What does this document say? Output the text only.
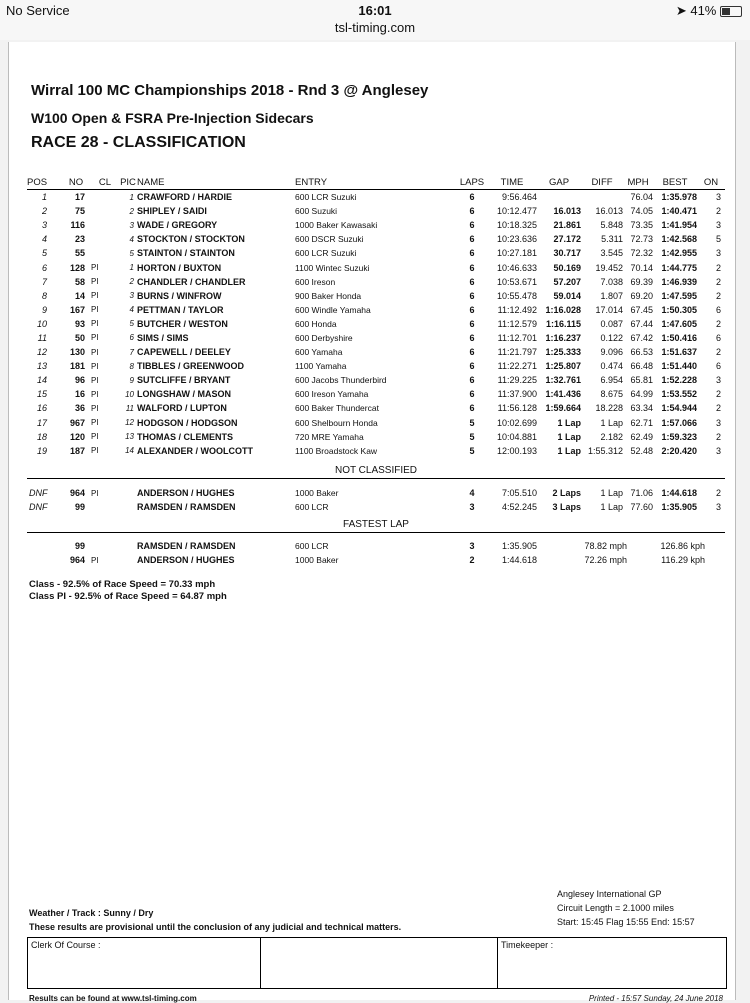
No Service	16:01	➤ 41%
tsl-timing.com
Wirral 100 MC Championships 2018 - Rnd 3 @ Anglesey
W100 Open & FSRA Pre-Injection Sidecars
RACE 28 - CLASSIFICATION
POS	NO	CL	PIC	NAME	ENTRY	LAPS	TIME	GAP	DIFF	MPH	BEST	ON
1	17		1	CRAWFORD / HARDIE	600 LCR Suzuki	6	9:56.464			76.04	1:35.978	3
2	75		2	SHIPLEY / SAIDI	600 Suzuki	6	10:12.477	16.013	16.013	74.05	1:40.471	2
3	116		3	WADE / GREGORY	1000 Baker Kawasaki	6	10:18.325	21.861	5.848	73.35	1:41.954	3
4	23		4	STOCKTON / STOCKTON	600 DSCR Suzuki	6	10:23.636	27.172	5.311	72.73	1:42.568	5
5	55		5	STAINTON / STAINTON	600 LCR Suzuki	6	10:27.181	30.717	3.545	72.32	1:42.955	3
6	128	PI	1	HORTON / BUXTON	1100 Wintec Suzuki	6	10:46.633	50.169	19.452	70.14	1:44.775	2
7	58	PI	2	CHANDLER / CHANDLER	600 Ireson	6	10:53.671	57.207	7.038	69.39	1:46.939	2
8	14	PI	3	BURNS / WINFROW	900 Baker Honda	6	10:55.478	59.014	1.807	69.20	1:47.595	2
9	167	PI	4	PETTMAN / TAYLOR	600 Windle Yamaha	6	11:12.492	1:16.028	17.014	67.45	1:50.305	6
10	93	PI	5	BUTCHER / WESTON	600 Honda	6	11:12.579	1:16.115	0.087	67.44	1:47.605	2
11	50	PI	6	SIMS / SIMS	600 Derbyshire	6	11:12.701	1:16.237	0.122	67.42	1:50.416	6
12	130	PI	7	CAPEWELL / DEELEY	600 Yamaha	6	11:21.797	1:25.333	9.096	66.53	1:51.637	2
13	181	PI	8	TIBBLES / GREENWOOD	1100 Yamaha	6	11:22.271	1:25.807	0.474	66.48	1:51.440	6
14	96	PI	9	SUTCLIFFE / BRYANT	600 Jacobs Thunderbird	6	11:29.225	1:32.761	6.954	65.81	1:52.228	3
15	16	PI	10	LONGSHAW / MASON	600 Ireson Yamaha	6	11:37.900	1:41.436	8.675	64.99	1:53.552	2
16	36	PI	11	WALFORD / LUPTON	600 Baker Thundercat	6	11:56.128	1:59.664	18.228	63.34	1:54.944	2
17	967	PI	12	HODGSON / HODGSON	600 Shelbourn Honda	5	10:02.699	1 Lap	1 Lap	62.71	1:57.066	3
18	120	PI	13	THOMAS / CLEMENTS	720 MRE Yamaha	5	10:04.881	1 Lap	2.182	62.49	1:59.323	2
19	187	PI	14	ALEXANDER / WOOLCOTT	1100 Broadstock Kaw	5	12:00.193	1 Lap	1:55.312	52.48	2:20.420	3
NOT CLASSIFIED
DNF	964	PI		ANDERSON / HUGHES	1000 Baker	4	7:05.510	2 Laps	1 Lap	71.06	1:44.618	2
DNF	99			RAMSDEN / RAMSDEN	600 LCR	3	4:52.245	3 Laps	1 Lap	77.60	1:35.905	3
FASTEST LAP
	99			RAMSDEN / RAMSDEN	600 LCR	3	1:35.905	78.82 mph	126.86 kph
	964	PI		ANDERSON / HUGHES	1000 Baker	2	1:44.618	72.26 mph	116.29 kph
Class - 92.5% of Race Speed = 70.33 mph
Class PI - 92.5% of Race Speed = 64.87 mph
Anglesey International GP
Circuit Length = 2.1000 miles
Start: 15:45 Flag 15:55 End: 15:57
Weather / Track : Sunny / Dry
These results are provisional until the conclusion of any judicial and technical matters.
Clerk Of Course :	Timekeeper :
Results can be found at www.tsl-timing.com	Printed - 15:57 Sunday, 24 June 2018
